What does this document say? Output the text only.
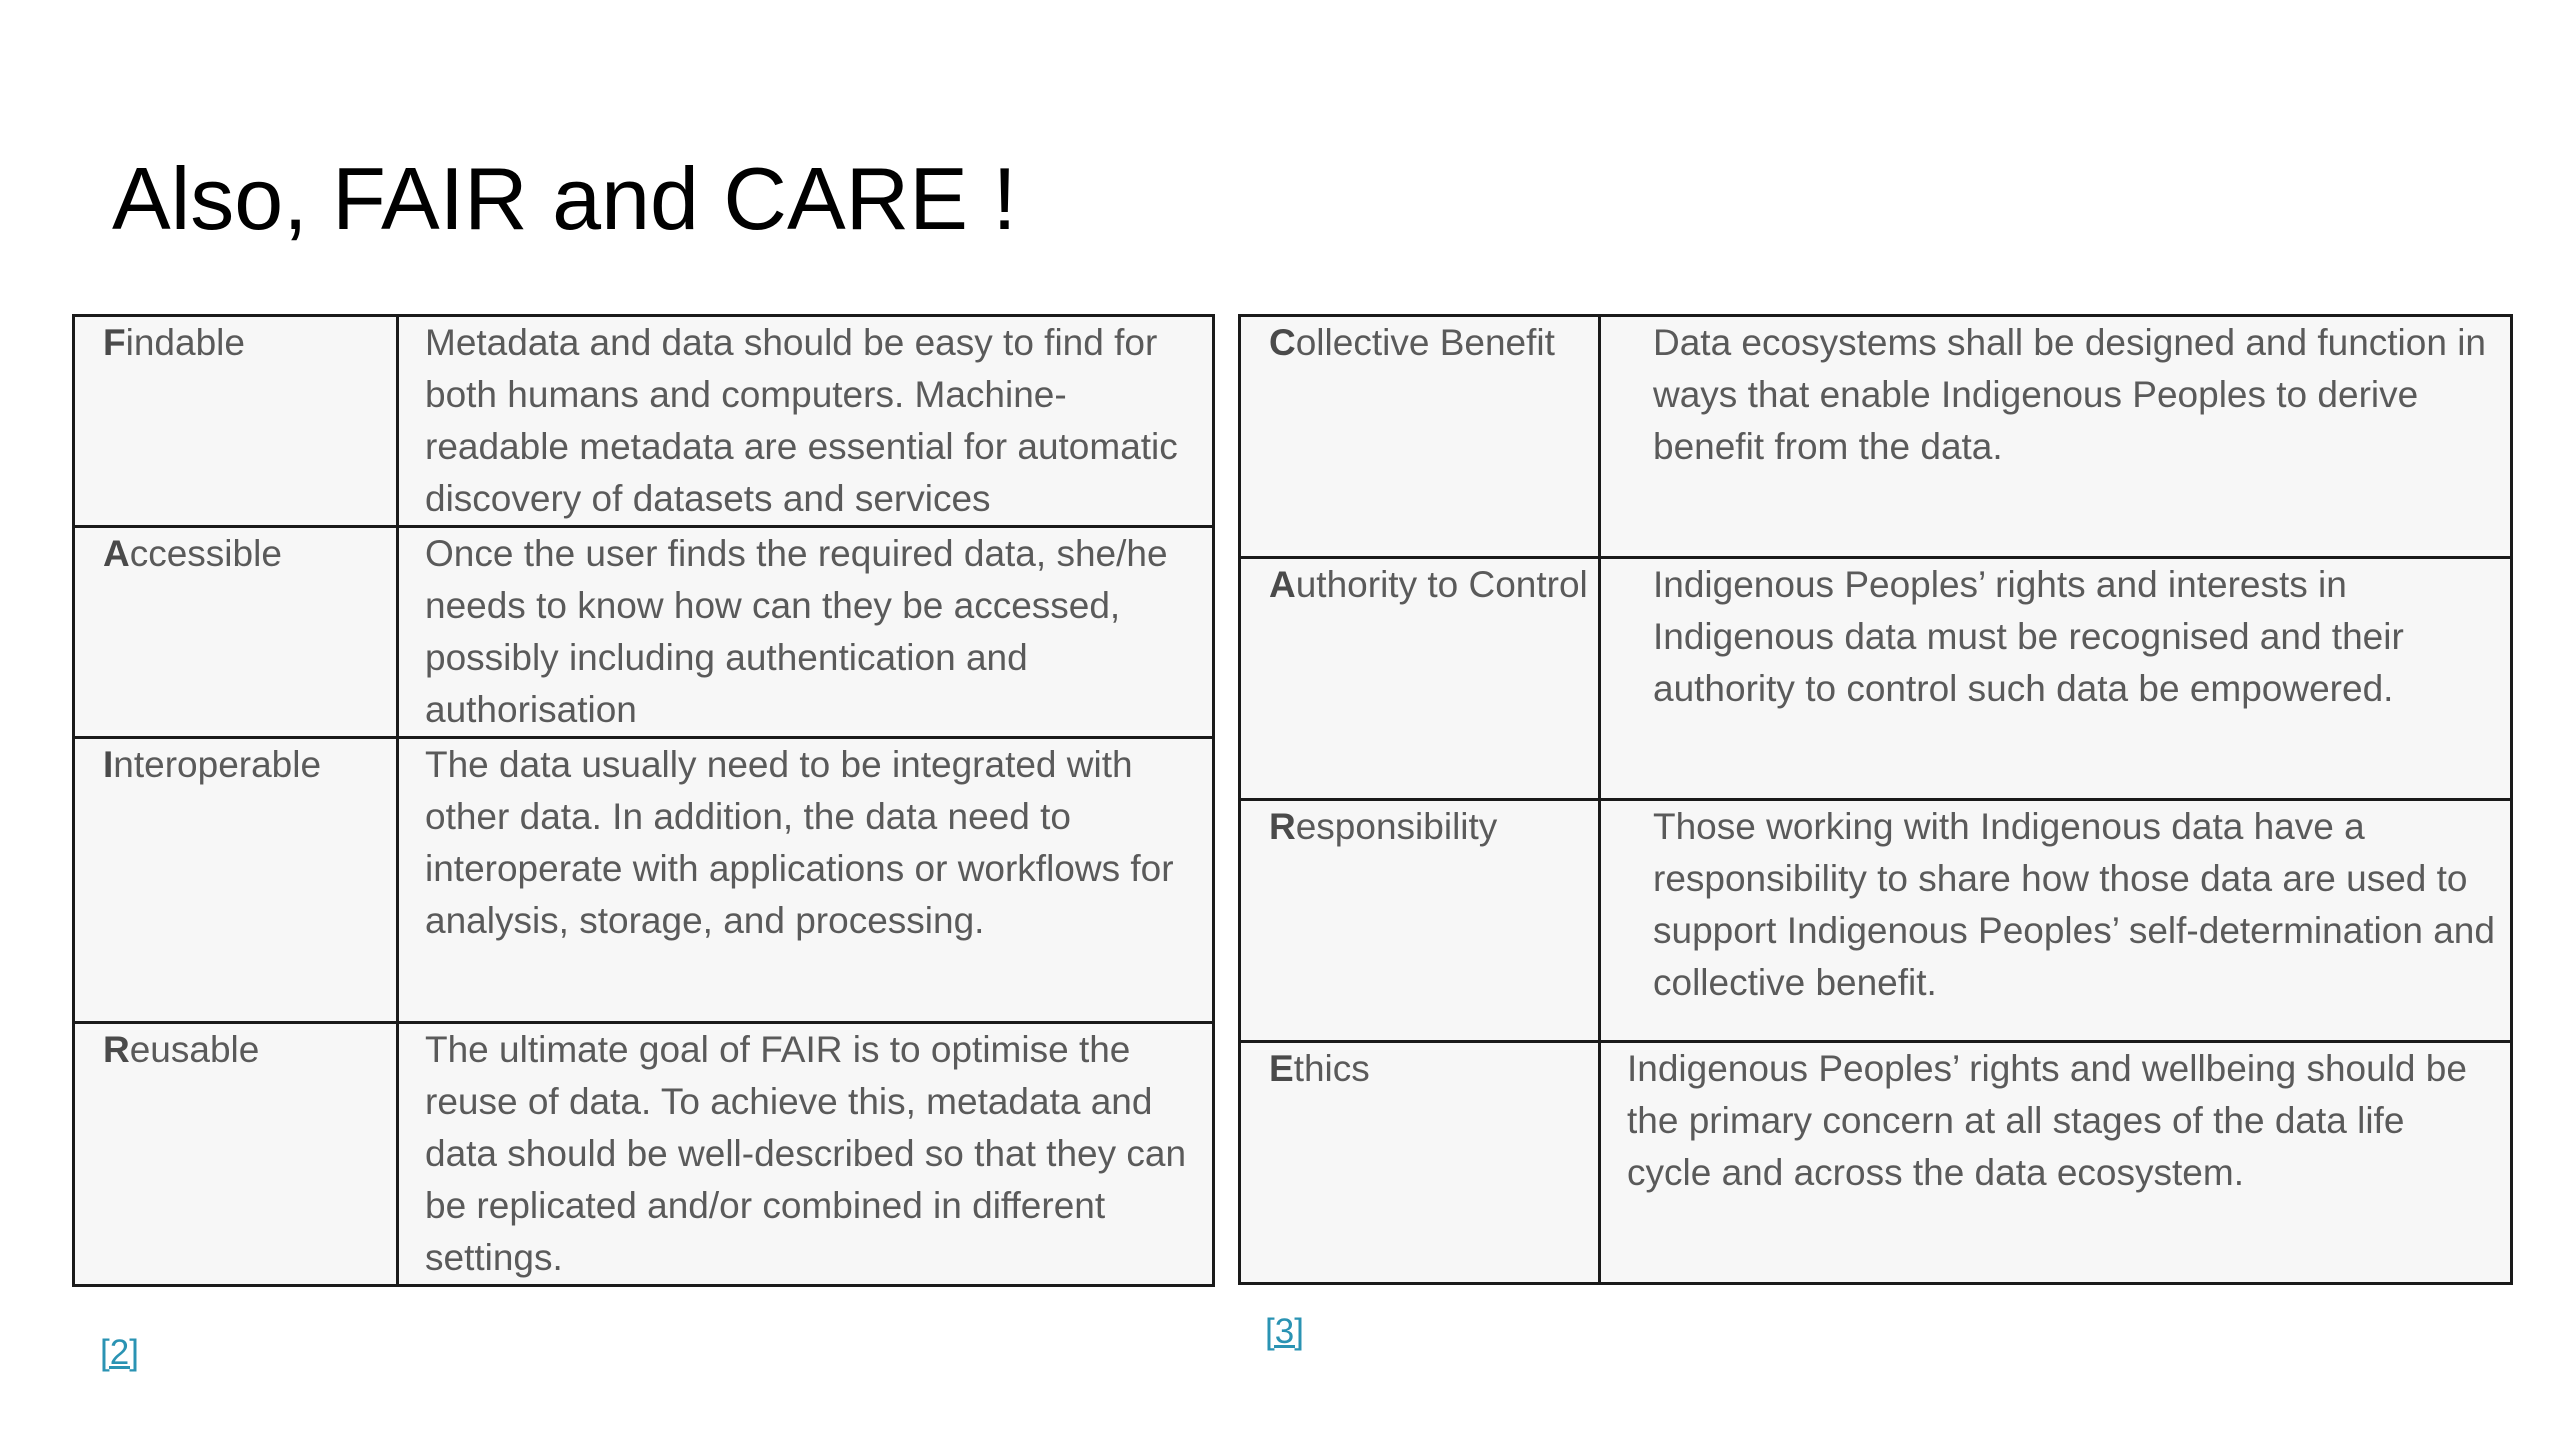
Also, FAIR and CARE !
Findable	Metadata and data should be easy to find for both humans and computers. Machine-readable metadata are essential for automatic discovery of datasets and services
Accessible	Once the user finds the required data, she/he needs to know how can they be accessed, possibly including authentication and authorisation
Interoperable	The data usually need to be integrated with other data. In addition, the data need to interoperate with applications or workflows for analysis, storage, and processing.
Reusable	The ultimate goal of FAIR is to optimise the reuse of data. To achieve this, metadata and data should be well-described so that they can be replicated and/or combined in different settings.
Collective Benefit	Data ecosystems shall be designed and function in ways that enable Indigenous Peoples to derive benefit from the data.
Authority to Control	Indigenous Peoples’ rights and interests in Indigenous data must be recognised and their authority to control such data be empowered.
Responsibility	Those working with Indigenous data have a responsibility to share how those data are used to support Indigenous Peoples’ self-determination and collective benefit.
Ethics	Indigenous Peoples’ rights and wellbeing should be the primary concern at all stages of the data life cycle and across the data ecosystem.
[2]
[3]
